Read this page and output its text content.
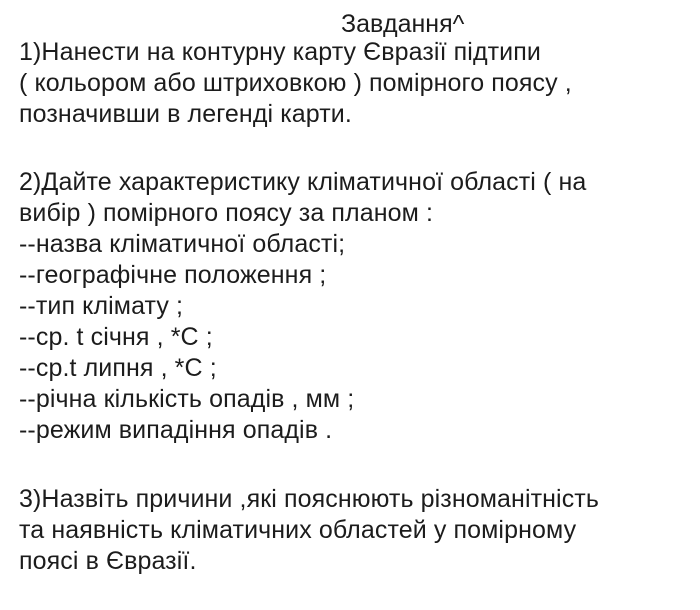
Завдання^
1)Нанести на контурну карту Євразії підтипи
( кольором або штриховкою ) помірного поясу ,
позначивши в легенді карти.
2)Дайте характеристику кліматичної області ( на
вибір ) помірного поясу за планом :
--назва кліматичної області;
--географічне положення ;
--тип клімату ;
--ср. t січня , *С ;
--ср.t липня , *С ;
--річна кількість опадів , мм ;
--режим випадіння опадів .
3)Назвіть причини ,які пояснюють різноманітність
та наявність кліматичних областей у помірному
поясі в Євразії.
